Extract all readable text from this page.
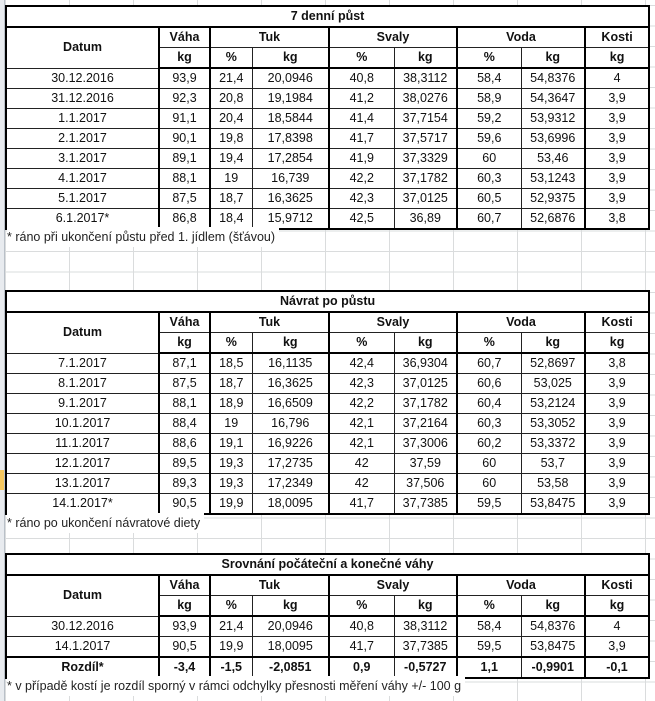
7 denní půst								
Datum	Váha	Tuk		Svaly		Voda		Kosti
	kg	%	kg	%	kg	%	kg	kg
30.12.2016	93,9	21,4	20,0946	40,8	38,3112	58,4	54,8376	4
31.12.2016	92,3	20,8	19,1984	41,2	38,0276	58,9	54,3647	3,9
1.1.2017	91,1	20,4	18,5844	41,4	37,7154	59,2	53,9312	3,9
2.1.2017	90,1	19,8	17,8398	41,7	37,5717	59,6	53,6996	3,9
3.1.2017	89,1	19,4	17,2854	41,9	37,3329	60	53,46	3,9
4.1.2017	88,1	19	16,739	42,2	37,1782	60,3	53,1243	3,9
5.1.2017	87,5	18,7	16,3625	42,3	37,0125	60,5	52,9375	3,9
6.1.2017*	86,8	18,4	15,9712	42,5	36,89	60,7	52,6876	3,8
* ráno při ukončení půstu před 1. jídlem (šťávou)
Návrat po půstu								
Datum	Váha	Tuk		Svaly		Voda		Kosti
	kg	%	kg	%	kg	%	kg	kg
7.1.2017	87,1	18,5	16,1135	42,4	36,9304	60,7	52,8697	3,8
8.1.2017	87,5	18,7	16,3625	42,3	37,0125	60,6	53,025	3,9
9.1.2017	88,1	18,9	16,6509	42,2	37,1782	60,4	53,2124	3,9
10.1.2017	88,4	19	16,796	42,1	37,2164	60,3	53,3052	3,9
11.1.2017	88,6	19,1	16,9226	42,1	37,3006	60,2	53,3372	3,9
12.1.2017	89,5	19,3	17,2735	42	37,59	60	53,7	3,9
13.1.2017	89,3	19,3	17,2349	42	37,506	60	53,58	3,9
14.1.2017*	90,5	19,9	18,0095	41,7	37,7385	59,5	53,8475	3,9
* ráno po ukončení návratové diety
Srovnání počáteční a konečné váhy								
Datum	Váha	Tuk		Svaly		Voda		Kosti
	kg	%	kg	%	kg	%	kg	kg
30.12.2016	93,9	21,4	20,0946	40,8	38,3112	58,4	54,8376	4
14.1.2017	90,5	19,9	18,0095	41,7	37,7385	59,5	53,8475	3,9
Rozdíl*	-3,4	-1,5	-2,0851	0,9	-0,5727	1,1	-0,9901	-0,1
* v případě kostí je rozdíl sporný v rámci odchylky přesnosti měření váhy +/- 100 g
